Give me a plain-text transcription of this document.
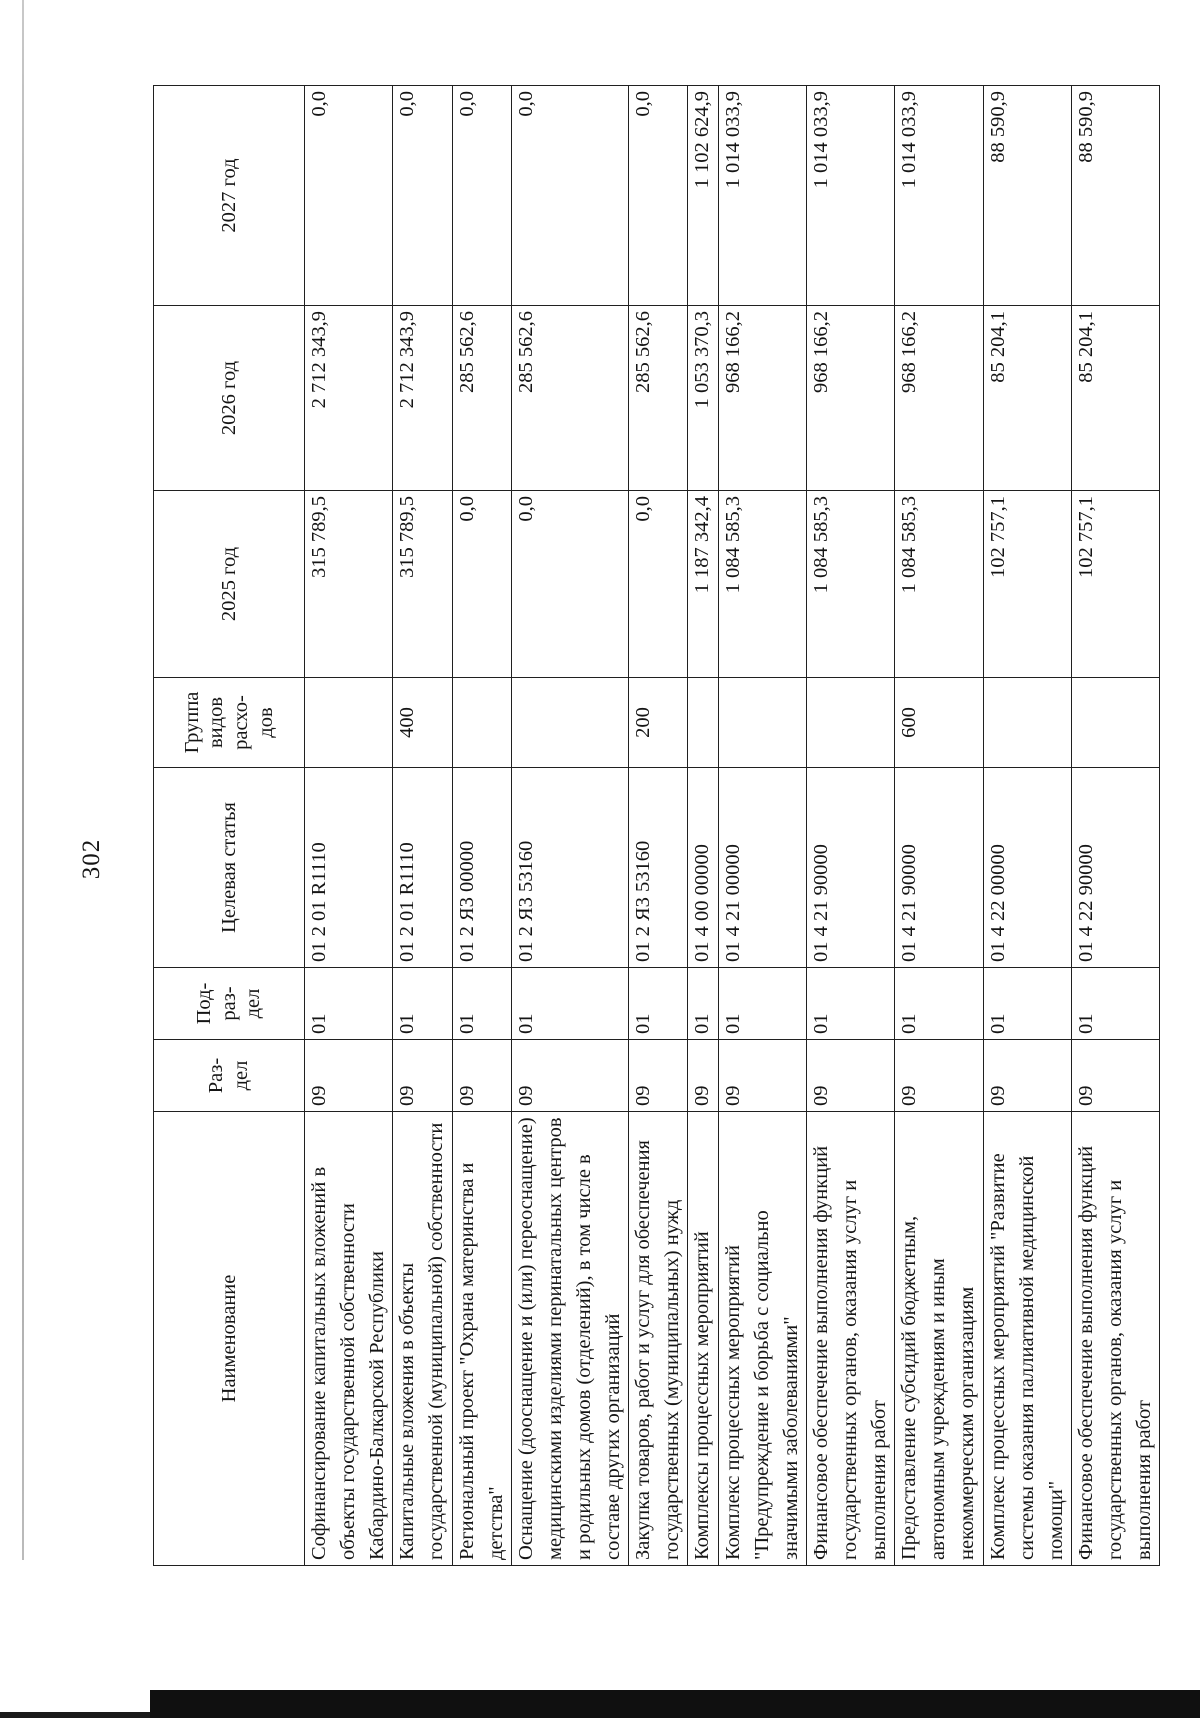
302
Наименование	Раз-дел	Под-раз-дел	Целевая статья	Группа видов расхо-дов	2025 год	2026 год	2027 год
Софинансирование капитальных вложений в объекты государственной собственности Кабардино-Балкарской Республики	09	01	01 2 01 R1110		315 789,5	2 712 343,9	0,0
Капитальные вложения в объекты государственной (муниципальной) собственности	09	01	01 2 01 R1110	400	315 789,5	2 712 343,9	0,0
Региональный проект "Охрана материнства и детства"	09	01	01 2 Я3 00000		0,0	285 562,6	0,0
Оснащение (дооснащение и (или) переоснащение) медицинскими изделиями перинатальных центров и родильных домов (отделений), в том числе в составе других организаций	09	01	01 2 Я3 53160		0,0	285 562,6	0,0
Закупка товаров, работ и услуг для обеспечения государственных (муниципальных) нужд	09	01	01 2 Я3 53160	200	0,0	285 562,6	0,0
Комплексы процессных мероприятий	09	01	01 4 00 00000		1 187 342,4	1 053 370,3	1 102 624,9
Комплекс процессных мероприятий "Предупреждение и борьба с социально значимыми заболеваниями"	09	01	01 4 21 00000		1 084 585,3	968 166,2	1 014 033,9
Финансовое обеспечение выполнения функций государственных органов, оказания услуг и выполнения работ	09	01	01 4 21 90000		1 084 585,3	968 166,2	1 014 033,9
Предоставление субсидий бюджетным, автономным учреждениям и иным некоммерческим организациям	09	01	01 4 21 90000	600	1 084 585,3	968 166,2	1 014 033,9
Комплекс процессных мероприятий "Развитие системы оказания паллиативной медицинской помощи"	09	01	01 4 22 00000		102 757,1	85 204,1	88 590,9
Финансовое обеспечение выполнения функций государственных органов, оказания услуг и выполнения работ	09	01	01 4 22 90000		102 757,1	85 204,1	88 590,9
